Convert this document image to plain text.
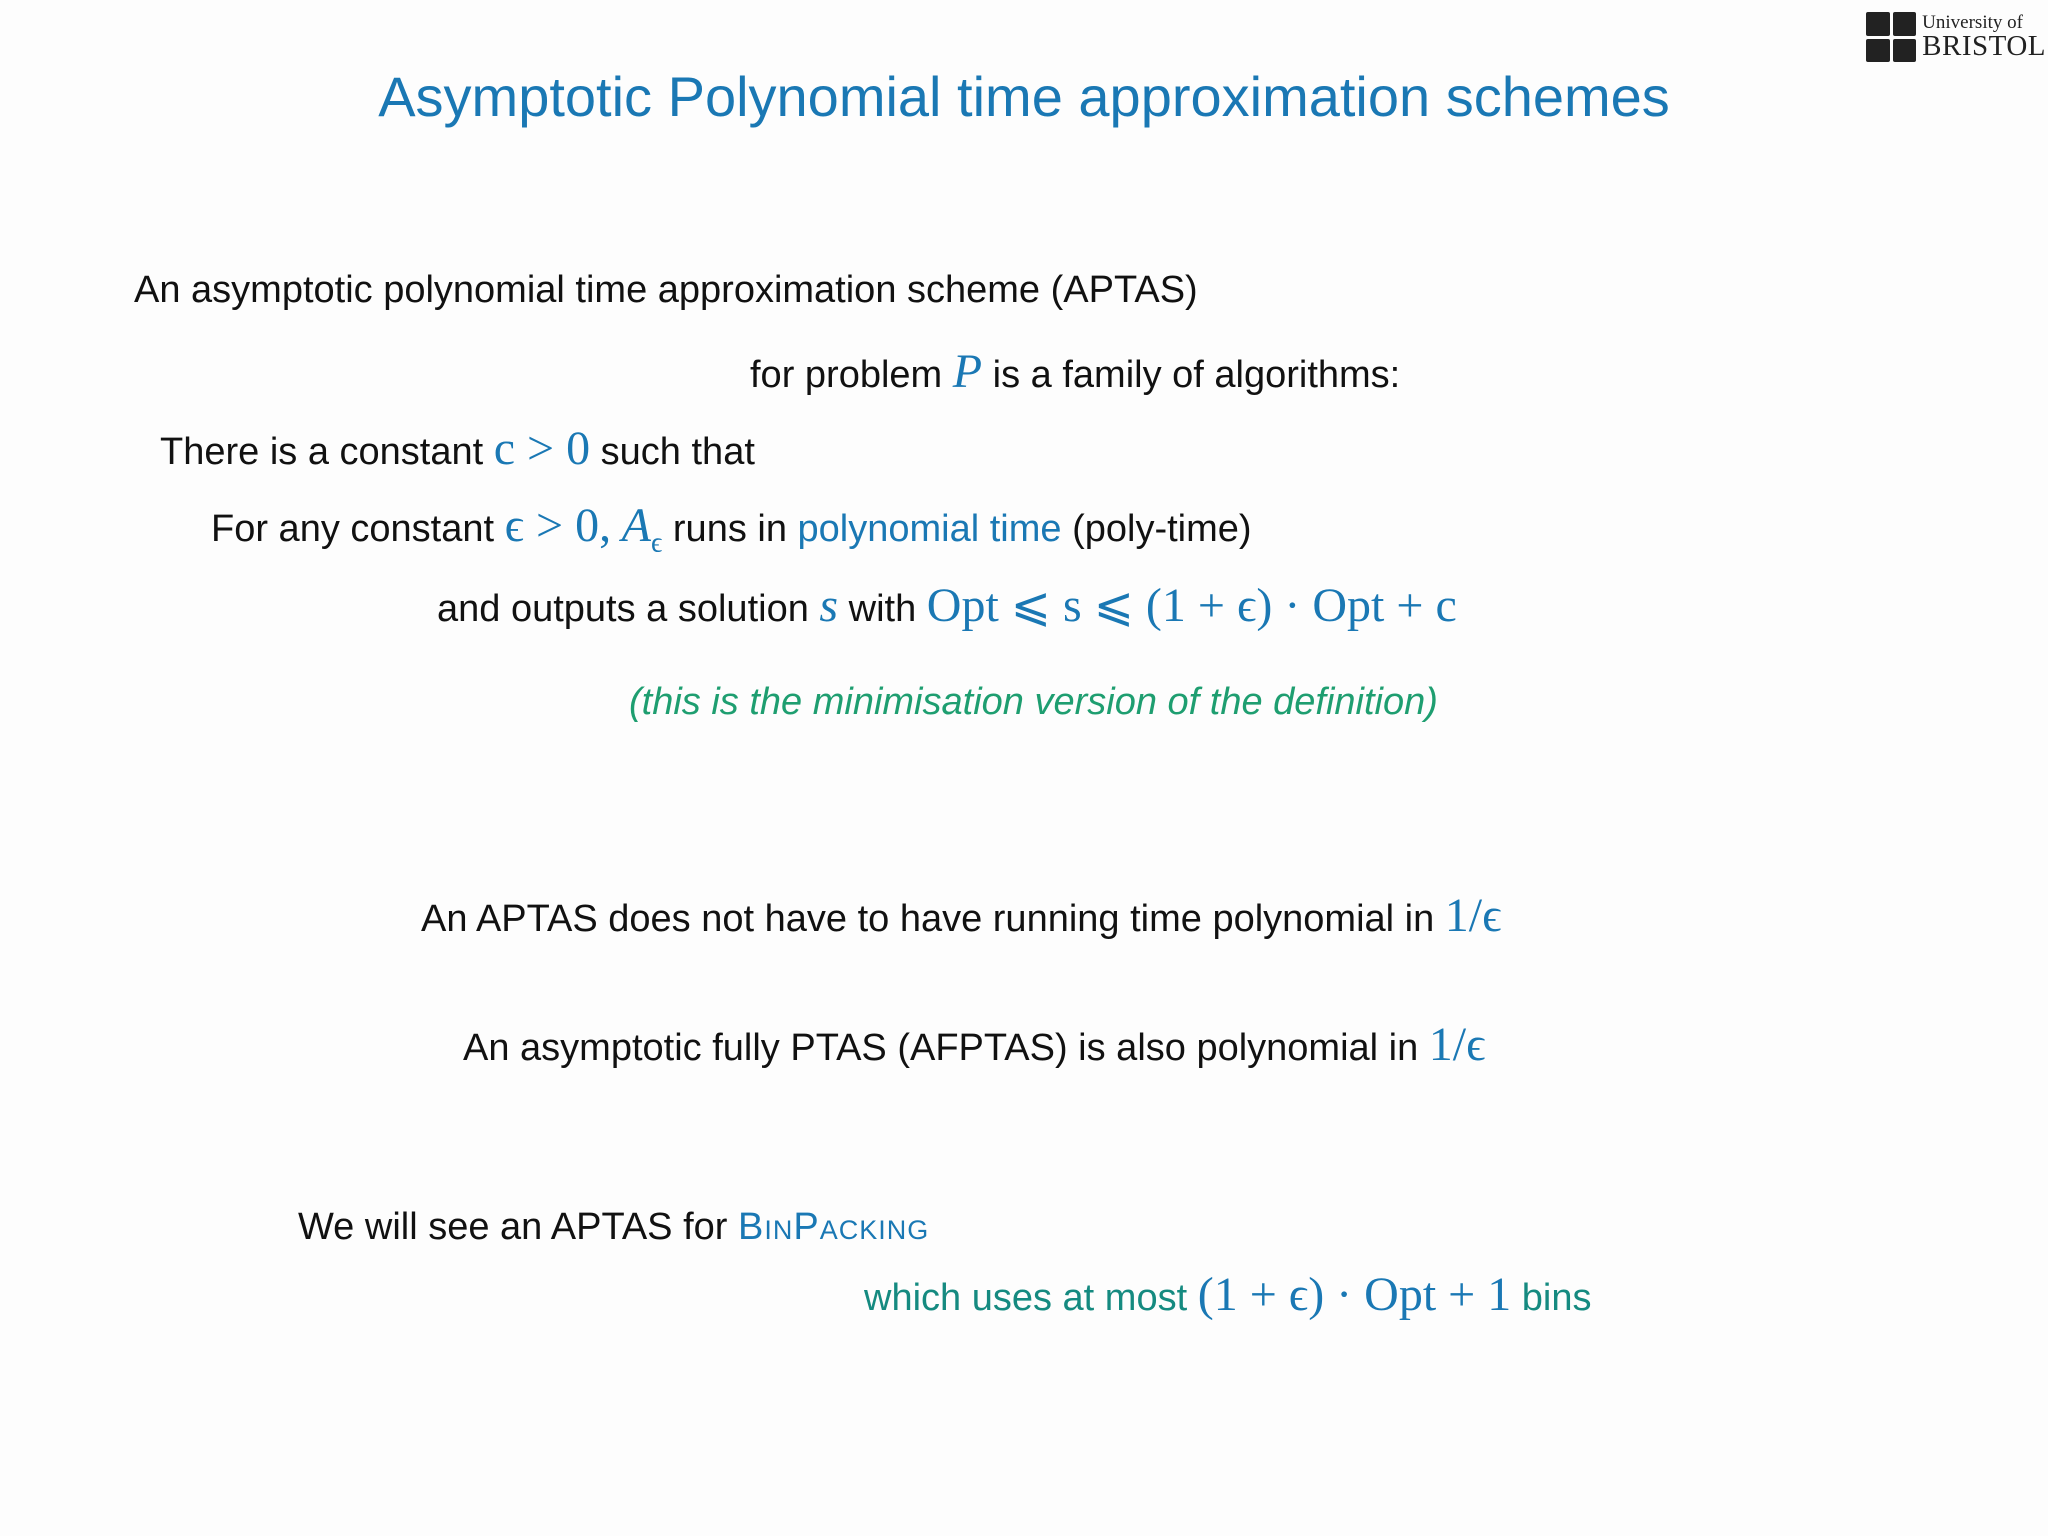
University of
BRISTOL
Asymptotic Polynomial time approximation schemes
An asymptotic polynomial time approximation scheme (APTAS)
for problem P is a family of algorithms:
There is a constant c > 0 such that
For any constant ϵ > 0, $A_\epsilon$ runs in polynomial time (poly-time)
and outputs a solution s with Opt ⩽ s ⩽ (1 + ϵ) · Opt + c
(this is the minimisation version of the definition)
An APTAS does not have to have running time polynomial in 1/ϵ
An asymptotic fully PTAS (AFPTAS) is also polynomial in 1/ϵ
We will see an APTAS for BinPacking
which uses at most (1 + ϵ) · Opt + 1 bins
